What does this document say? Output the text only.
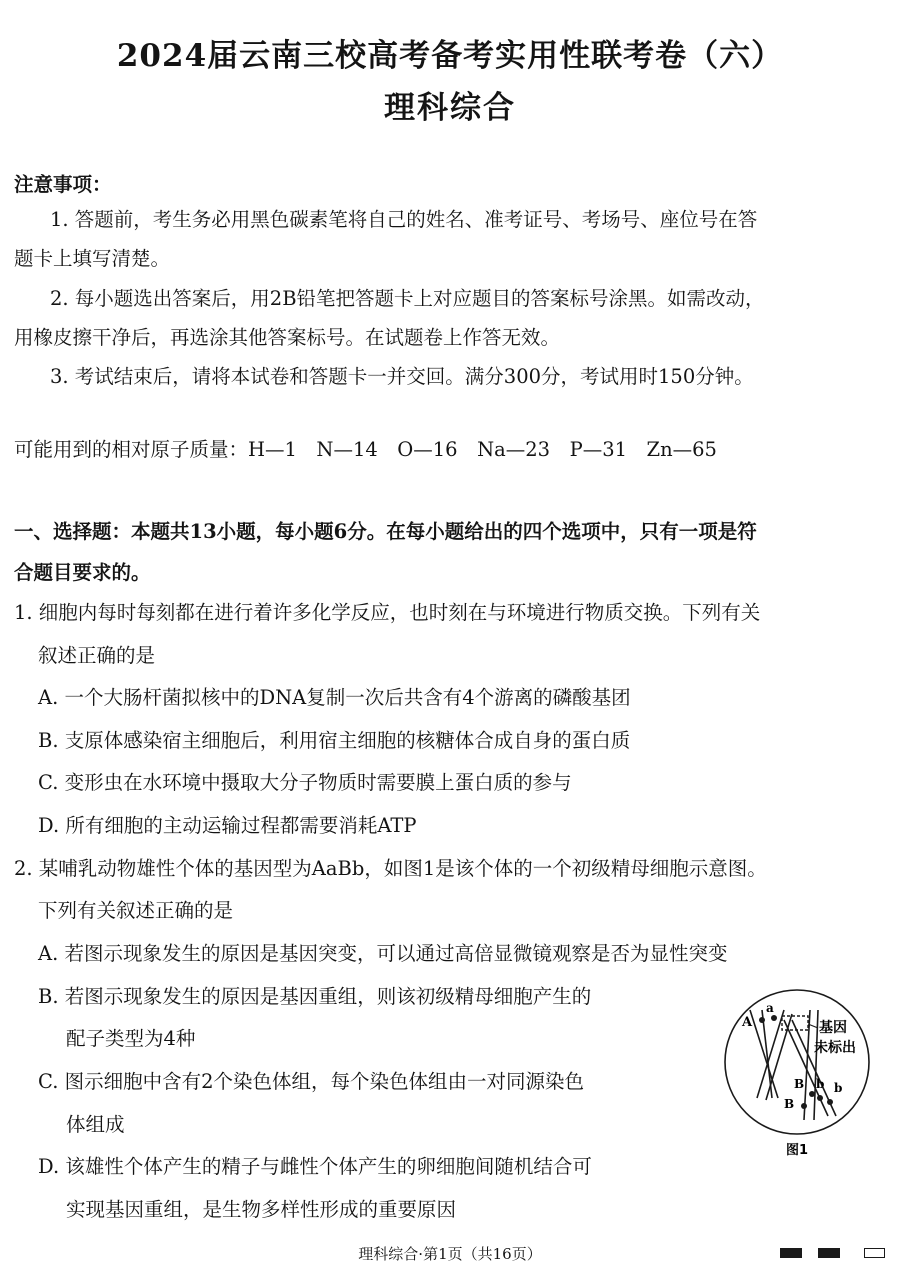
2024届云南三校高考备考实用性联考卷（六）
理科综合
注意事项：
1. 答题前，考生务必用黑色碳素笔将自己的姓名、准考证号、考场号、座位号在答
题卡上填写清楚。
2. 每小题选出答案后，用2B铅笔把答题卡上对应题目的答案标号涂黑。如需改动，
用橡皮擦干净后，再选涂其他答案标号。在试题卷上作答无效。
3. 考试结束后，请将本试卷和答题卡一并交回。满分300分，考试用时150分钟。
可能用到的相对原子质量：H—1　N—14　O—16　Na—23　P—31　Zn—65
一、选择题：本题共13小题，每小题6分。在每小题给出的四个选项中，只有一项是符
合题目要求的。
1. 细胞内每时每刻都在进行着许多化学反应，也时刻在与环境进行物质交换。下列有关
叙述正确的是
A. 一个大肠杆菌拟核中的DNA复制一次后共含有4个游离的磷酸基团
B. 支原体感染宿主细胞后，利用宿主细胞的核糖体合成自身的蛋白质
C. 变形虫在水环境中摄取大分子物质时需要膜上蛋白质的参与
D. 所有细胞的主动运输过程都需要消耗ATP
2. 某哺乳动物雄性个体的基因型为AaBb，如图1是该个体的一个初级精母细胞示意图。
下列有关叙述正确的是
A. 若图示现象发生的原因是基因突变，可以通过高倍显微镜观察是否为显性突变
B. 若图示现象发生的原因是基因重组，则该初级精母细胞产生的
配子类型为4种
C. 图示细胞中含有2个染色体组，每个染色体组由一对同源染色
体组成
D. 该雄性个体产生的精子与雌性个体产生的卵细胞间随机结合可
实现基因重组，是生物多样性形成的重要原因
A
a
基因
未标出
B b b
B
图1
理科综合·第1页（共16页）
